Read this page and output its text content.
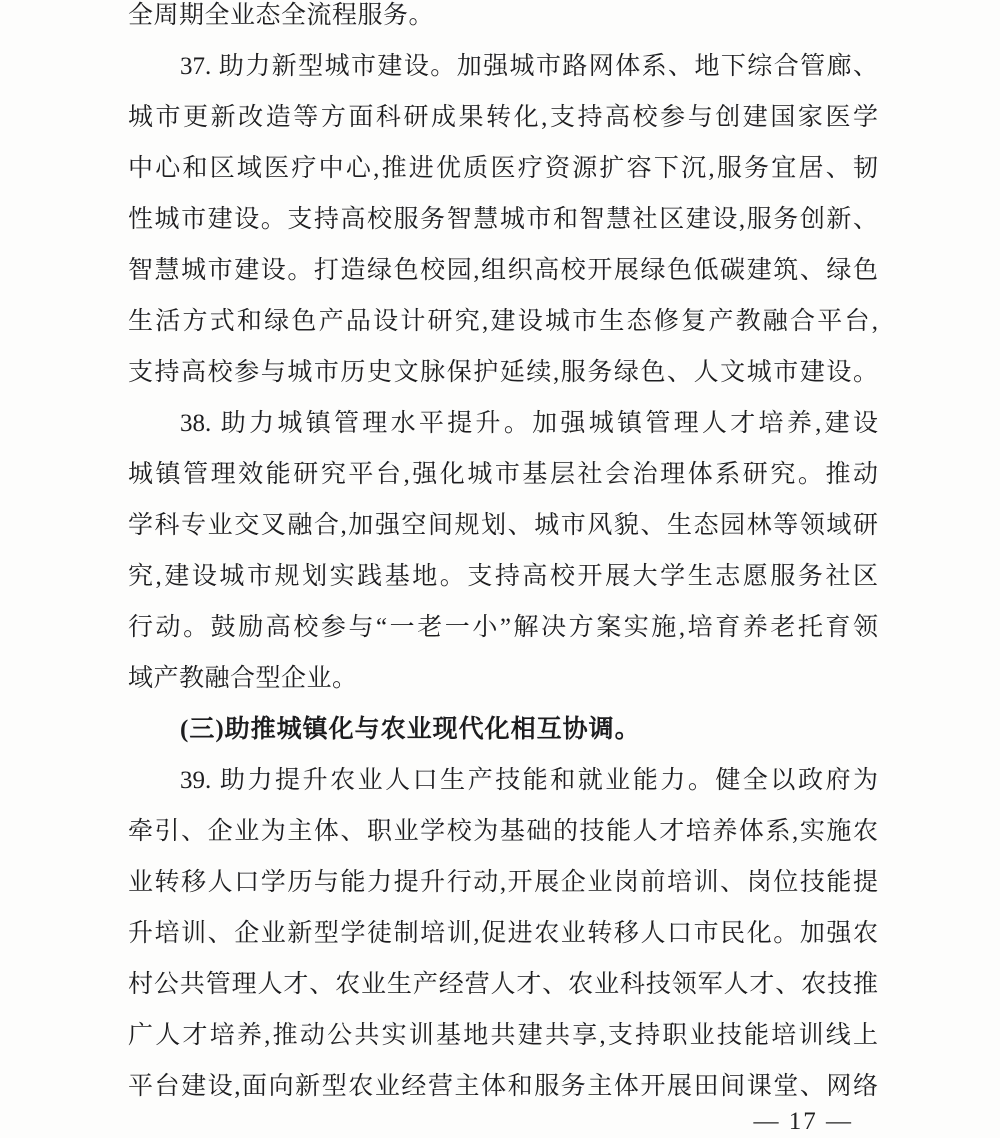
全周期全业态全流程服务。
37. 助力新型城市建设。加强城市路网体系、地下综合管廊、
城市更新改造等方面科研成果转化,支持高校参与创建国家医学
中心和区域医疗中心,推进优质医疗资源扩容下沉,服务宜居、韧
性城市建设。支持高校服务智慧城市和智慧社区建设,服务创新、
智慧城市建设。打造绿色校园,组织高校开展绿色低碳建筑、绿色
生活方式和绿色产品设计研究,建设城市生态修复产教融合平台,
支持高校参与城市历史文脉保护延续,服务绿色、人文城市建设。
38. 助力城镇管理水平提升。加强城镇管理人才培养,建设
城镇管理效能研究平台,强化城市基层社会治理体系研究。推动
学科专业交叉融合,加强空间规划、城市风貌、生态园林等领域研
究,建设城市规划实践基地。支持高校开展大学生志愿服务社区
行动。鼓励高校参与“一老一小”解决方案实施,培育养老托育领
域产教融合型企业。
(三)助推城镇化与农业现代化相互协调。
39. 助力提升农业人口生产技能和就业能力。健全以政府为
牵引、企业为主体、职业学校为基础的技能人才培养体系,实施农
业转移人口学历与能力提升行动,开展企业岗前培训、岗位技能提
升培训、企业新型学徒制培训,促进农业转移人口市民化。加强农
村公共管理人才、农业生产经营人才、农业科技领军人才、农技推
广人才培养,推动公共实训基地共建共享,支持职业技能培训线上
平台建设,面向新型农业经营主体和服务主体开展田间课堂、网络
— 17 —
